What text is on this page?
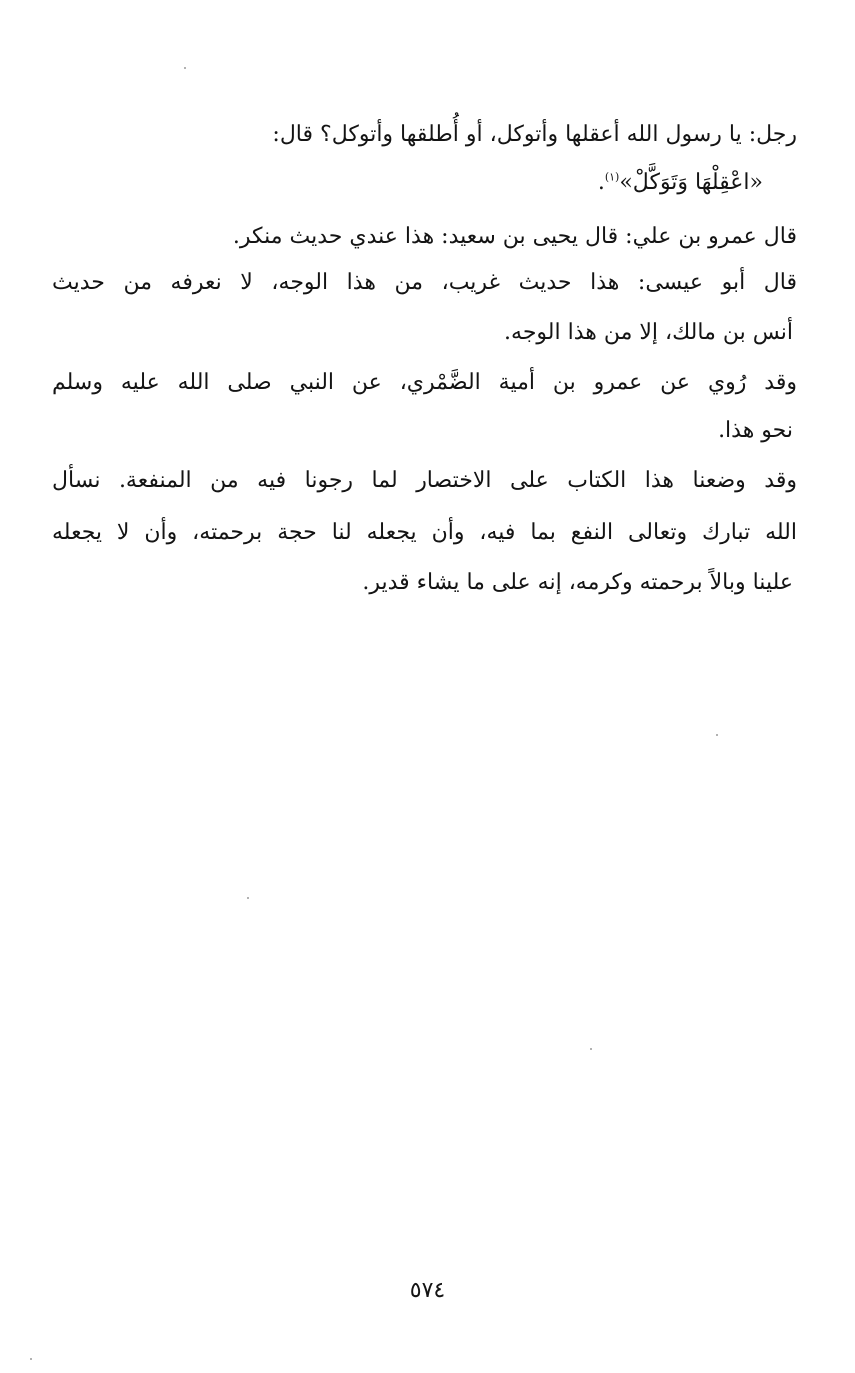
رجل: يا رسول الله أعقلها وأتوكل، أو أُطلقها وأتوكل؟ قال:
«اعْقِلْهَا وَتَوَكَّلْ»$^{(١)}$.
قال عمرو بن علي: قال يحيى بن سعيد: هذا عندي حديث منكر.
قال أبو عيسى: هذا حديث غريب، من هذا الوجه، لا نعرفه من حديث
أنس بن مالك، إلا من هذا الوجه.
وقد رُوي عن عمرو بن أمية الضَّمْري، عن النبي صلى الله عليه وسلم
نحو هذا.
وقد وضعنا هذا الكتاب على الاختصار لما رجونا فيه من المنفعة. نسأل
الله تبارك وتعالى النفع بما فيه، وأن يجعله لنا حجة برحمته، وأن لا يجعله
علينا وبالاً برحمته وكرمه، إنه على ما يشاء قدير.
٥٧٤
